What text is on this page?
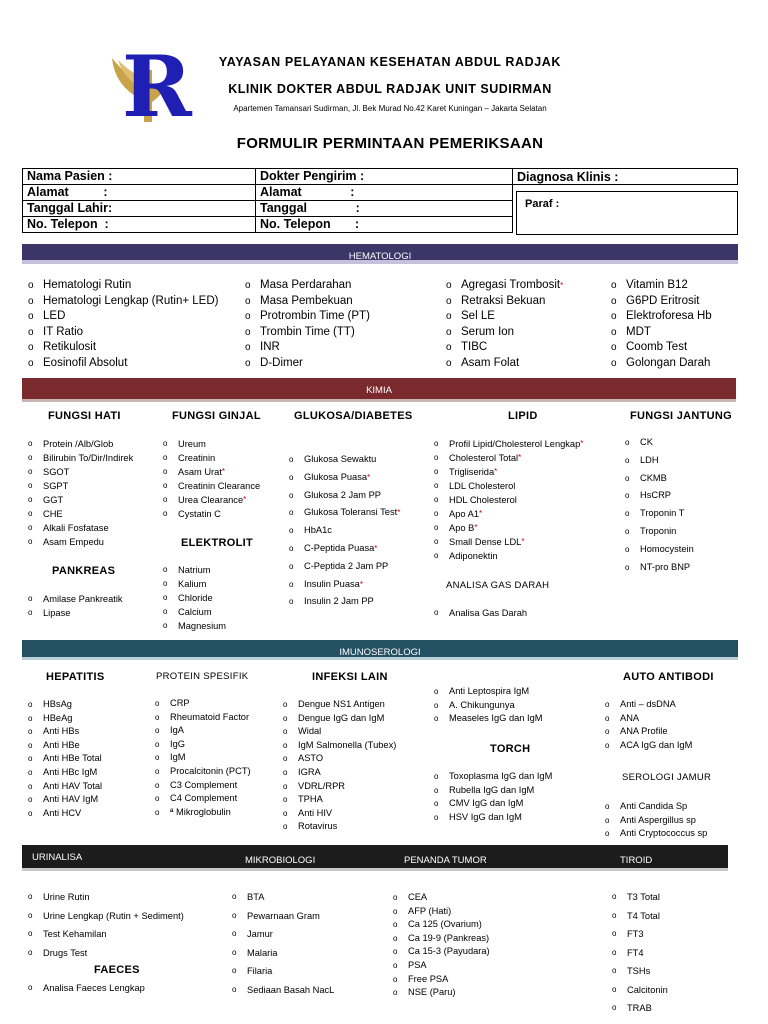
R	YAYASAN PELAYANAN KESEHATAN ABDUL RADJAK
KLINIK DOKTER ABDUL RADJAK UNIT SUDIRMAN
Apartemen Tamansari Sudirman, Jl. Bek Murad No.42 Karet Kuningan – Jakarta Selatan
FORMULIR PERMINTAAN PEMERIKSAAN
Nama Pasien :	Dokter Pengirim :
Alamat          :	Alamat              :
Tanggal Lahir:	Tanggal              :
No. Telepon  :	No. Telepon       :
Diagnosa Klinis :
Paraf :
HEMATOLOGI
o Hematologi Rutin
o Hematologi Lengkap (Rutin+ LED)
o LED
o IT Ratio
o Retikulosit
o Eosinofil Absolut
o Masa Perdarahan
o Masa Pembekuan
o Protrombin Time (PT)
o Trombin Time (TT)
o INR
o D-Dimer
o Agregasi Trombosit*
o Retraksi Bekuan
o Sel LE
o Serum Ion
o TIBC
o Asam Folat
o Vitamin B12
o G6PD Eritrosit
o Elektroforesa Hb
o MDT
o Coomb Test
o Golongan Darah
KIMIA
FUNGSI HATI
o Protein /Alb/Glob
o Bilirubin To/Dir/Indirek
o SGOT
o SGPT
o GGT
o CHE
o Alkali Fosfatase
o Asam Empedu
PANKREAS
o Amilase Pankreatik
o Lipase
FUNGSI GINJAL
o Ureum
o Creatinin
o Asam Urat*
o Creatinin Clearance
o Urea Clearance*
o Cystatin C
ELEKTROLIT
o Natrium
o Kalium
o Chloride
o Calcium
o Magnesium
GLUKOSA/DIABETES
o Glukosa Sewaktu
o Glukosa Puasa*
o Glukosa 2 Jam PP
o Glukosa Toleransi Test*
o HbA1c
o C-Peptida Puasa*
o C-Peptida 2 Jam PP
o Insulin Puasa*
o Insulin 2 Jam PP
LIPID
o Profil Lipid/Cholesterol Lengkap*
o Cholesterol Total*
o Trigliserida*
o LDL Cholesterol
o HDL Cholesterol
o Apo A1*
o Apo B*
o Small Dense LDL*
o Adiponektin
ANALISA GAS DARAH
o Analisa Gas Darah
FUNGSI JANTUNG
o CK
o LDH
o CKMB
o HsCRP
o Troponin T
o Troponin
o Homocystein
o NT-pro BNP
IMUNOSEROLOGI
HEPATITIS
o HBsAg
o HBeAg
o Anti HBs
o Anti HBe
o Anti HBe Total
o Anti HBc IgM
o Anti HAV Total
o Anti HAV IgM
o Anti HCV
PROTEIN SPESIFIK
o CRP
o Rheumatoid Factor
o IgA
o IgG
o IgM
o Procalcitonin (PCT)
o C3 Complement
o C4 Complement
o ª Mikroglobulin
INFEKSI LAIN
o Dengue NS1 Antigen
o Dengue IgG dan IgM
o Widal
o IgM Salmonella (Tubex)
o ASTO
o IGRA
o VDRL/RPR
o TPHA
o Anti HIV
o Rotavirus
o Anti Leptospira IgM
o A. Chikungunya
o Measeles IgG dan IgM
TORCH
o Toxoplasma IgG dan IgM
o Rubella IgG dan IgM
o CMV IgG dan IgM
o HSV IgG dan IgM
AUTO ANTIBODI
o Anti – dsDNA
o ANA
o ANA Profile
o ACA IgG dan IgM
SEROLOGI JAMUR
o Anti Candida Sp
o Anti Aspergillus sp
o Anti Cryptococcus sp
URINALISA	MIKROBIOLOGI	PENANDA TUMOR	TIROID
o Urine Rutin
o Urine Lengkap (Rutin + Sediment)
o Test Kehamilan
o Drugs Test
FAECES
o Analisa Faeces Lengkap
o BTA
o Pewarnaan Gram
o Jamur
o Malaria
o Filaria
o Sediaan Basah NacL
o CEA
o AFP (Hati)
o Ca 125 (Ovarium)
o Ca 19-9 (Pankreas)
o Ca 15-3 (Payudara)
o PSA
o Free PSA
o NSE (Paru)
o T3 Total
o T4 Total
o FT3
o FT4
o TSHs
o Calcitonin
o TRAB
